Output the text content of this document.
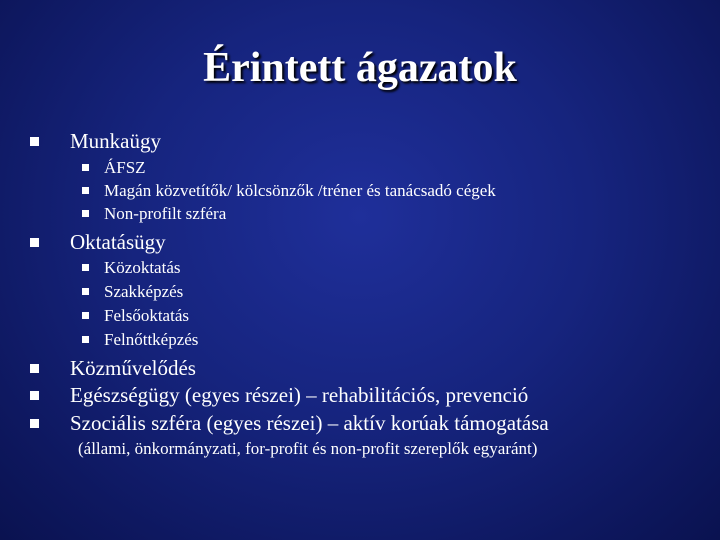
Érintett ágazatok
Munkaügy
ÁFSZ
Magán közvetítők/ kölcsönzők /tréner és tanácsadó cégek
Non-profilt szféra
Oktatásügy
Közoktatás
Szakképzés
Felsőoktatás
Felnőttképzés
Közművelődés
Egészségügy (egyes részei) – rehabilitációs, prevenció
Szociális szféra (egyes részei) – aktív korúak támogatása
(állami, önkormányzati, for-profit és non-profit szereplők egyaránt)
